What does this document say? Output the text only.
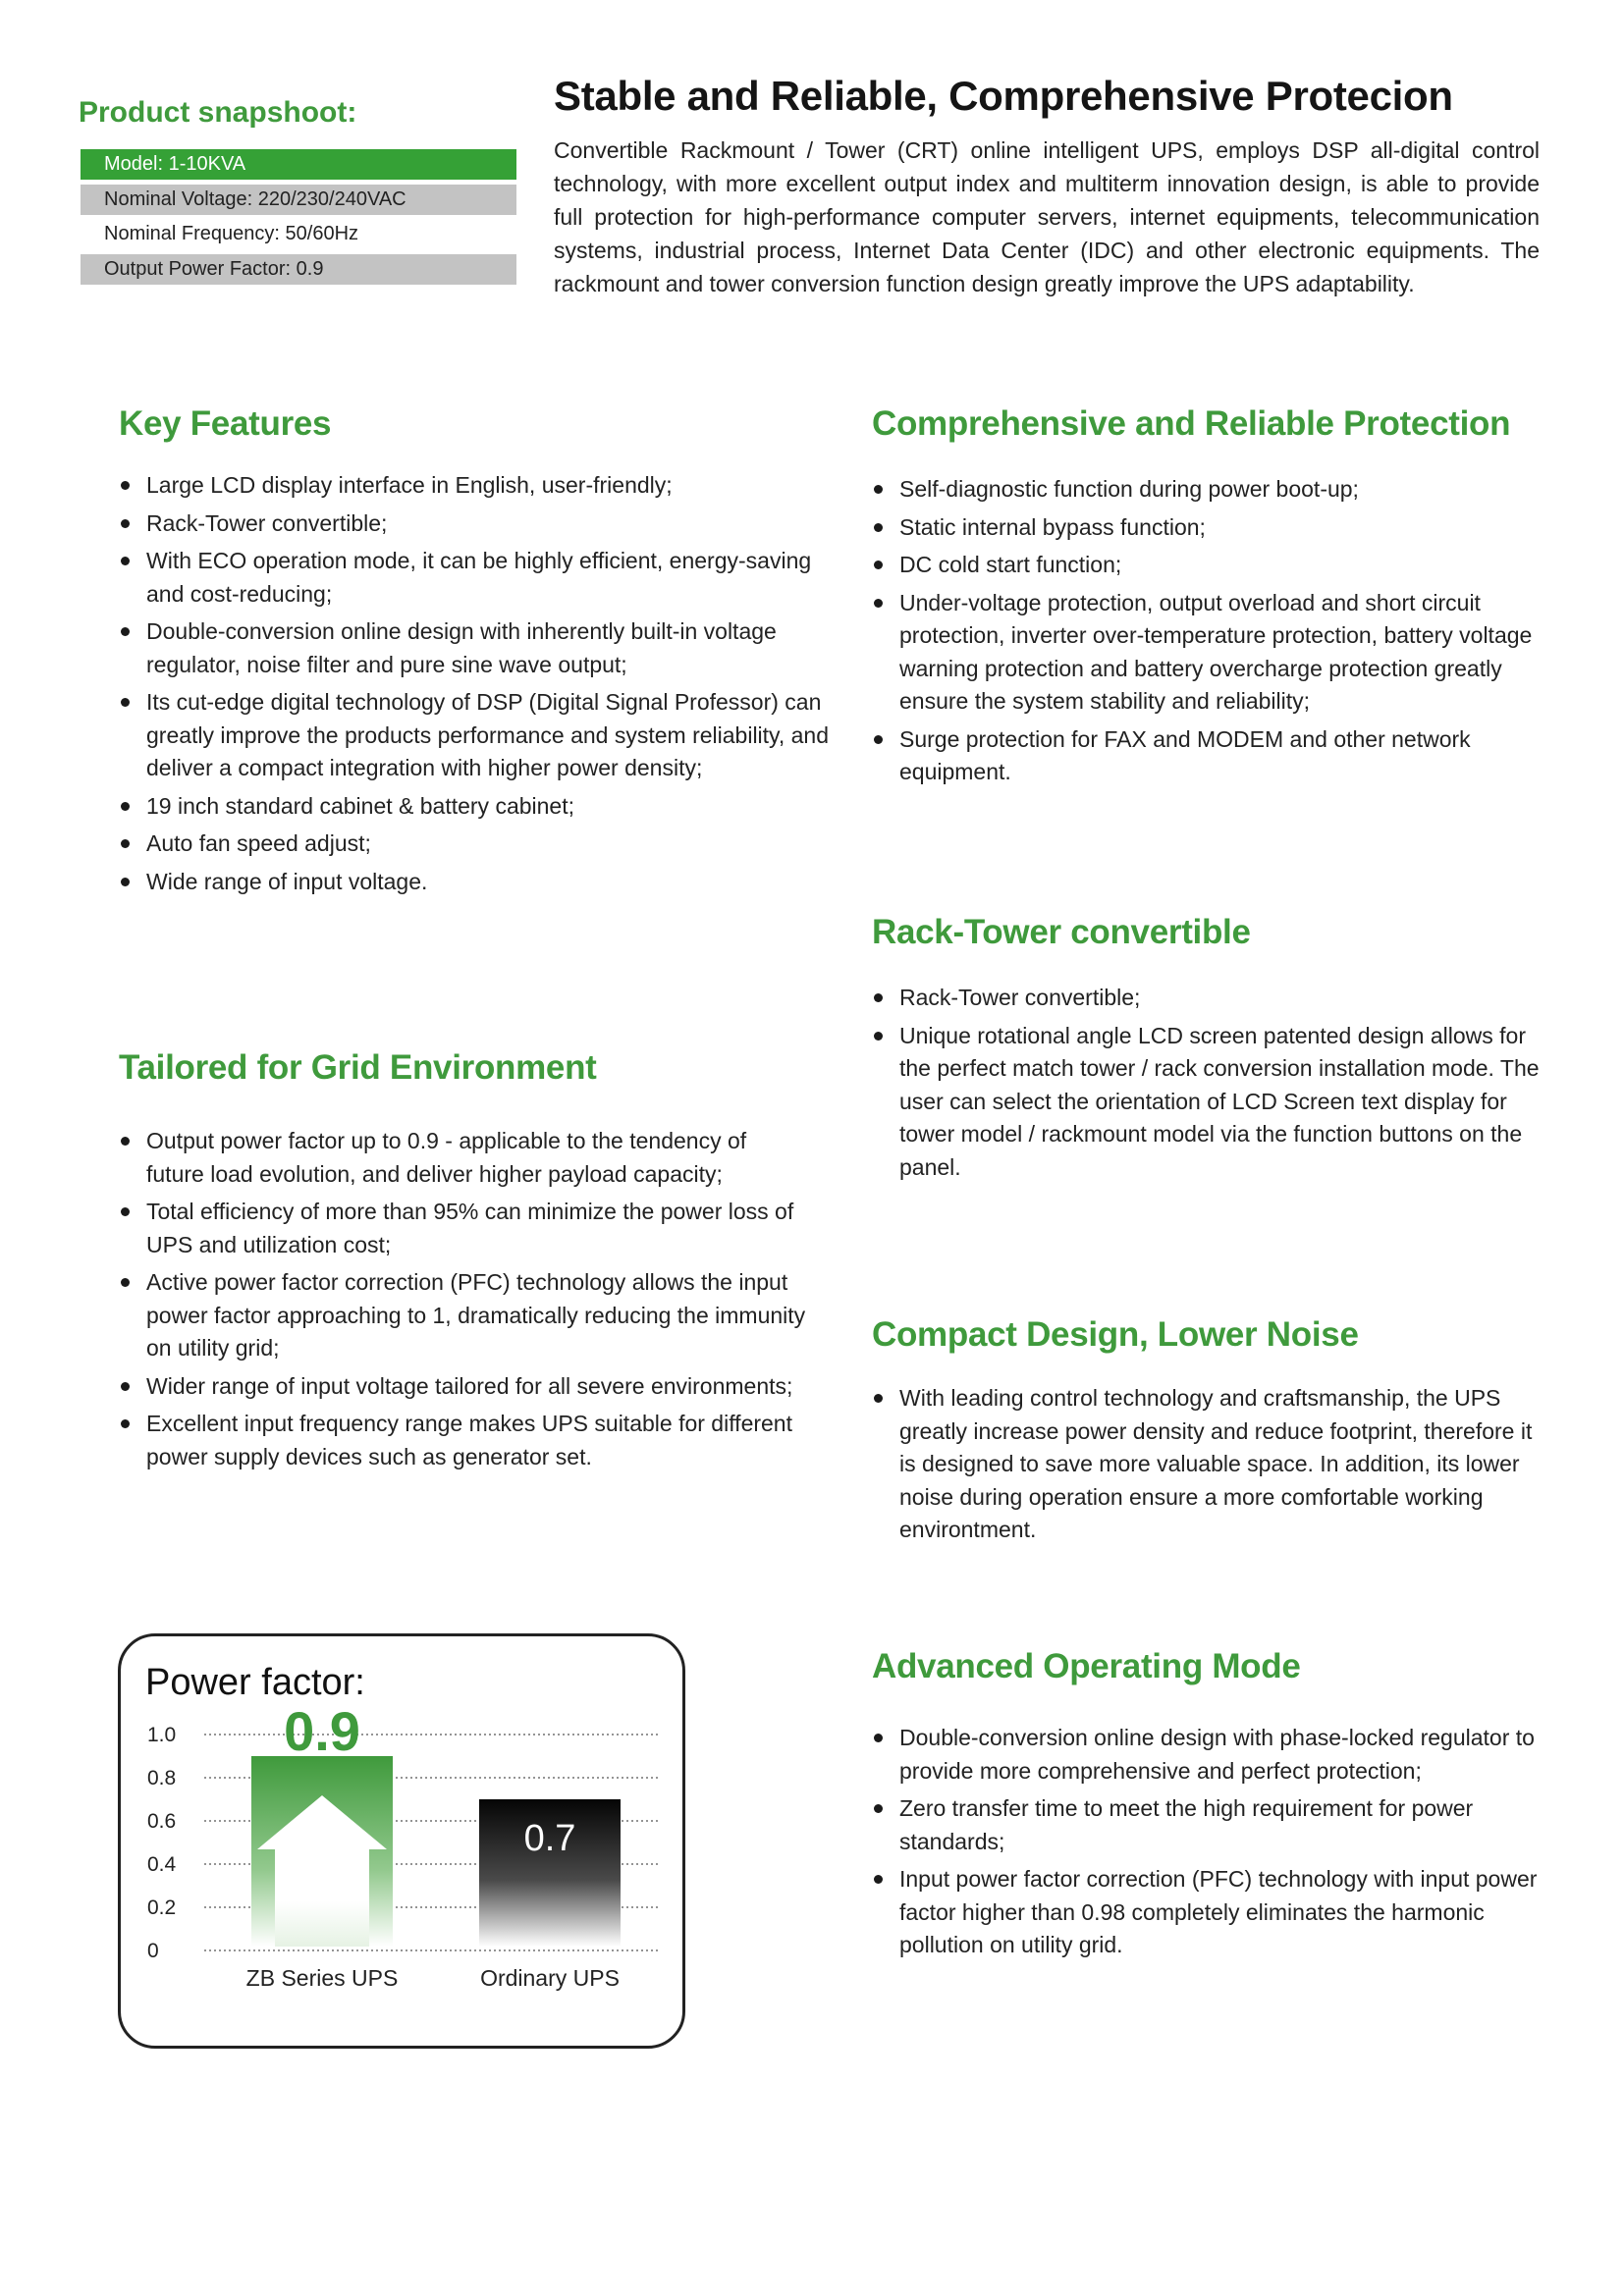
Product snapshoot:
Model: 1-10KVA
Nominal Voltage: 220/230/240VAC
Nominal Frequency: 50/60Hz
Output Power Factor: 0.9
Stable and Reliable, Comprehensive Protecion
Convertible Rackmount / Tower (CRT) online intelligent UPS, employs DSP all-digital control technology, with more excellent output index and multiterm innovation design, is able to provide full protection for high-performance computer servers, internet equipments, telecommunication systems, industrial process, Internet Data Center (IDC) and other electronic equipments. The rackmount and tower conversion function design greatly improve the UPS adaptability.
Key Features
Large LCD display interface in English, user-friendly;
Rack-Tower convertible;
With ECO operation mode, it can be highly efficient, energy-saving and cost-reducing;
Double-conversion online design with inherently built-in voltage regulator, noise filter and pure sine wave output;
Its cut-edge digital technology of DSP (Digital Signal Professor) can greatly improve the products performance and system reliability, and deliver a compact integration with higher power density;
19 inch standard cabinet & battery cabinet;
Auto fan speed adjust;
Wide range of input voltage.
Tailored for Grid Environment
Output power factor up to 0.9 - applicable to the tendency of future load evolution, and deliver higher payload capacity;
Total efficiency of more than 95% can minimize the power loss of UPS and utilization cost;
Active power factor correction (PFC) technology allows the input power factor approaching to 1, dramatically reducing the immunity on utility grid;
Wider range of input voltage tailored for all severe environments;
Excellent input frequency range makes UPS suitable for different power supply devices such as generator set.
Comprehensive and Reliable Protection
Self-diagnostic function during power boot-up;
Static internal bypass function;
DC cold start function;
Under-voltage protection, output overload and short circuit protection, inverter over-temperature protection, battery voltage warning protection and battery overcharge protection greatly ensure the system stability and reliability;
Surge protection for FAX and MODEM and other network equipment.
Rack-Tower convertible
Rack-Tower convertible;
Unique rotational angle LCD screen patented design allows for the perfect match tower / rack conversion installation mode. The user can select the orientation of LCD Screen text display for tower model / rackmount model via the function buttons on the panel.
Compact Design, Lower Noise
With leading control technology and craftsmanship, the UPS greatly increase power density and reduce footprint, therefore it is designed to save more valuable space. In addition, its lower noise during operation ensure a more comfortable working environtment.
Advanced Operating Mode
Double-conversion online design with phase-locked regulator to provide more comprehensive and perfect protection;
Zero transfer time to meet the high requirement for power standards;
Input power factor correction (PFC) technology with input power factor higher than 0.98 completely eliminates the harmonic pollution on utility grid.
Power factor:
0
0.2
0.4
0.6
0.8
1.0 0.9
ZB Series UPS
0.7
Ordinary UPS
